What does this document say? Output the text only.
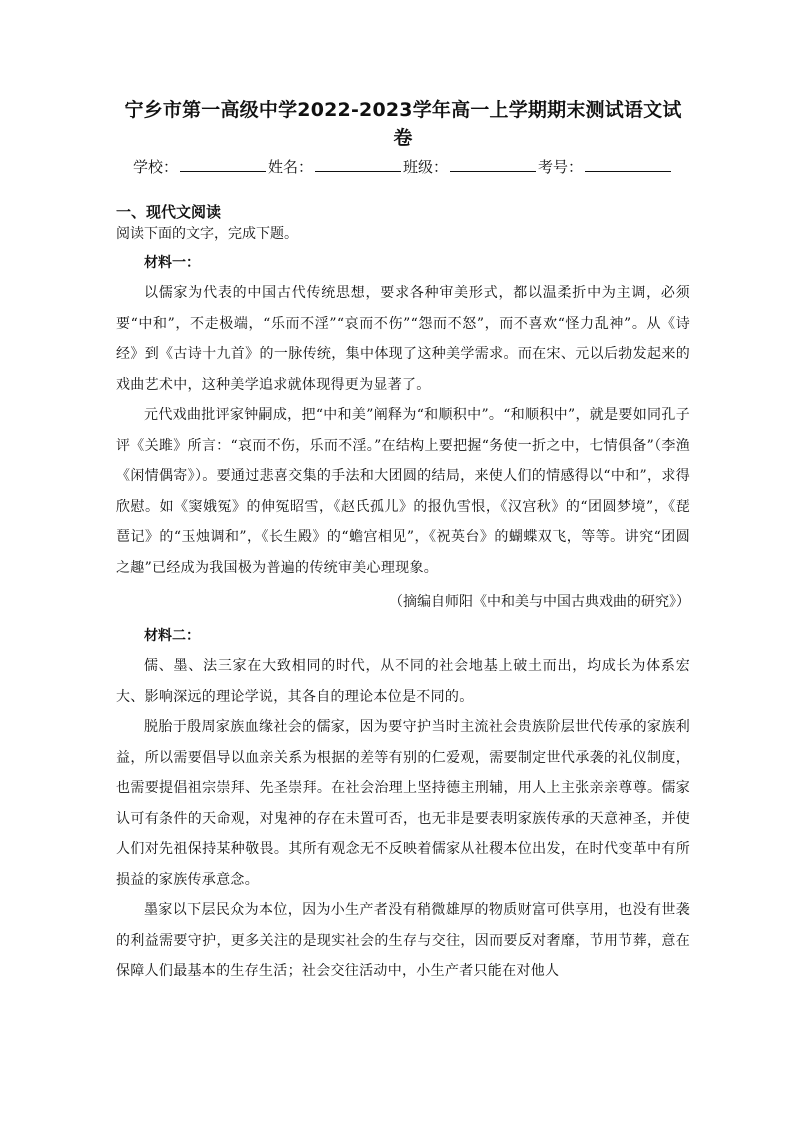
宁乡市第一高级中学2022-2023学年高一上学期期末测试语文试卷
学校：	姓名：	班级：	考号：
一、现代文阅读
阅读下面的文字，完成下题。
材料一：

以儒家为代表的中国古代传统思想，要求各种审美形式，都以温柔折中为主调，必须要“中和”，不走极端，“乐而不淫”“哀而不伤”“怨而不怒”，而不喜欢“怪力乱神”。从《诗经》到《古诗十九首》的一脉传统，集中体现了这种美学需求。而在宋、元以后勃发起来的戏曲艺术中，这种美学追求就体现得更为显著了。

元代戏曲批评家钟嗣成，把“中和美”阐释为“和顺积中”。“和顺积中”，就是要如同孔子评《关雎》所言：“哀而不伤，乐而不淫。”在结构上要把握“务使一折之中，七情俱备”（李渔《闲情偶寄》）。要通过悲喜交集的手法和大团圆的结局，来使人们的情感得以“中和”，求得欣慰。如《窦娥冤》的伸冤昭雪，《赵氏孤儿》的报仇雪恨，《汉宫秋》的“团圆梦境”，《琵琶记》的“玉烛调和”，《长生殿》的“蟾宫相见”，《祝英台》的蝴蝶双飞，等等。讲究“团圆之趣”已经成为我国极为普遍的传统审美心理现象。

（摘编自师阳《中和美与中国古典戏曲的研究》）
材料二：

儒、墨、法三家在大致相同的时代，从不同的社会地基上破土而出，均成长为体系宏大、影响深远的理论学说，其各自的理论本位是不同的。

脱胎于殷周家族血缘社会的儒家，因为要守护当时主流社会贵族阶层世代传承的家族利益，所以需要倡导以血亲关系为根据的差等有别的仁爱观，需要制定世代承袭的礼仪制度，也需要提倡祖宗崇拜、先圣崇拜。在社会治理上坚持德主刑辅，用人上主张亲亲尊尊。儒家认可有条件的天命观，对鬼神的存在未置可否，也无非是要表明家族传承的天意神圣，并使人们对先祖保持某种敬畏。其所有观念无不反映着儒家从社稷本位出发，在时代变革中有所损益的家族传承意念。

墨家以下层民众为本位，因为小生产者没有稍微雄厚的物质财富可供享用，也没有世袭的利益需要守护，更多关注的是现实社会的生存与交往，因而要反对奢靡，节用节葬，意在保障人们最基本的生存生活；社会交往活动中，小生产者只能在对他人
